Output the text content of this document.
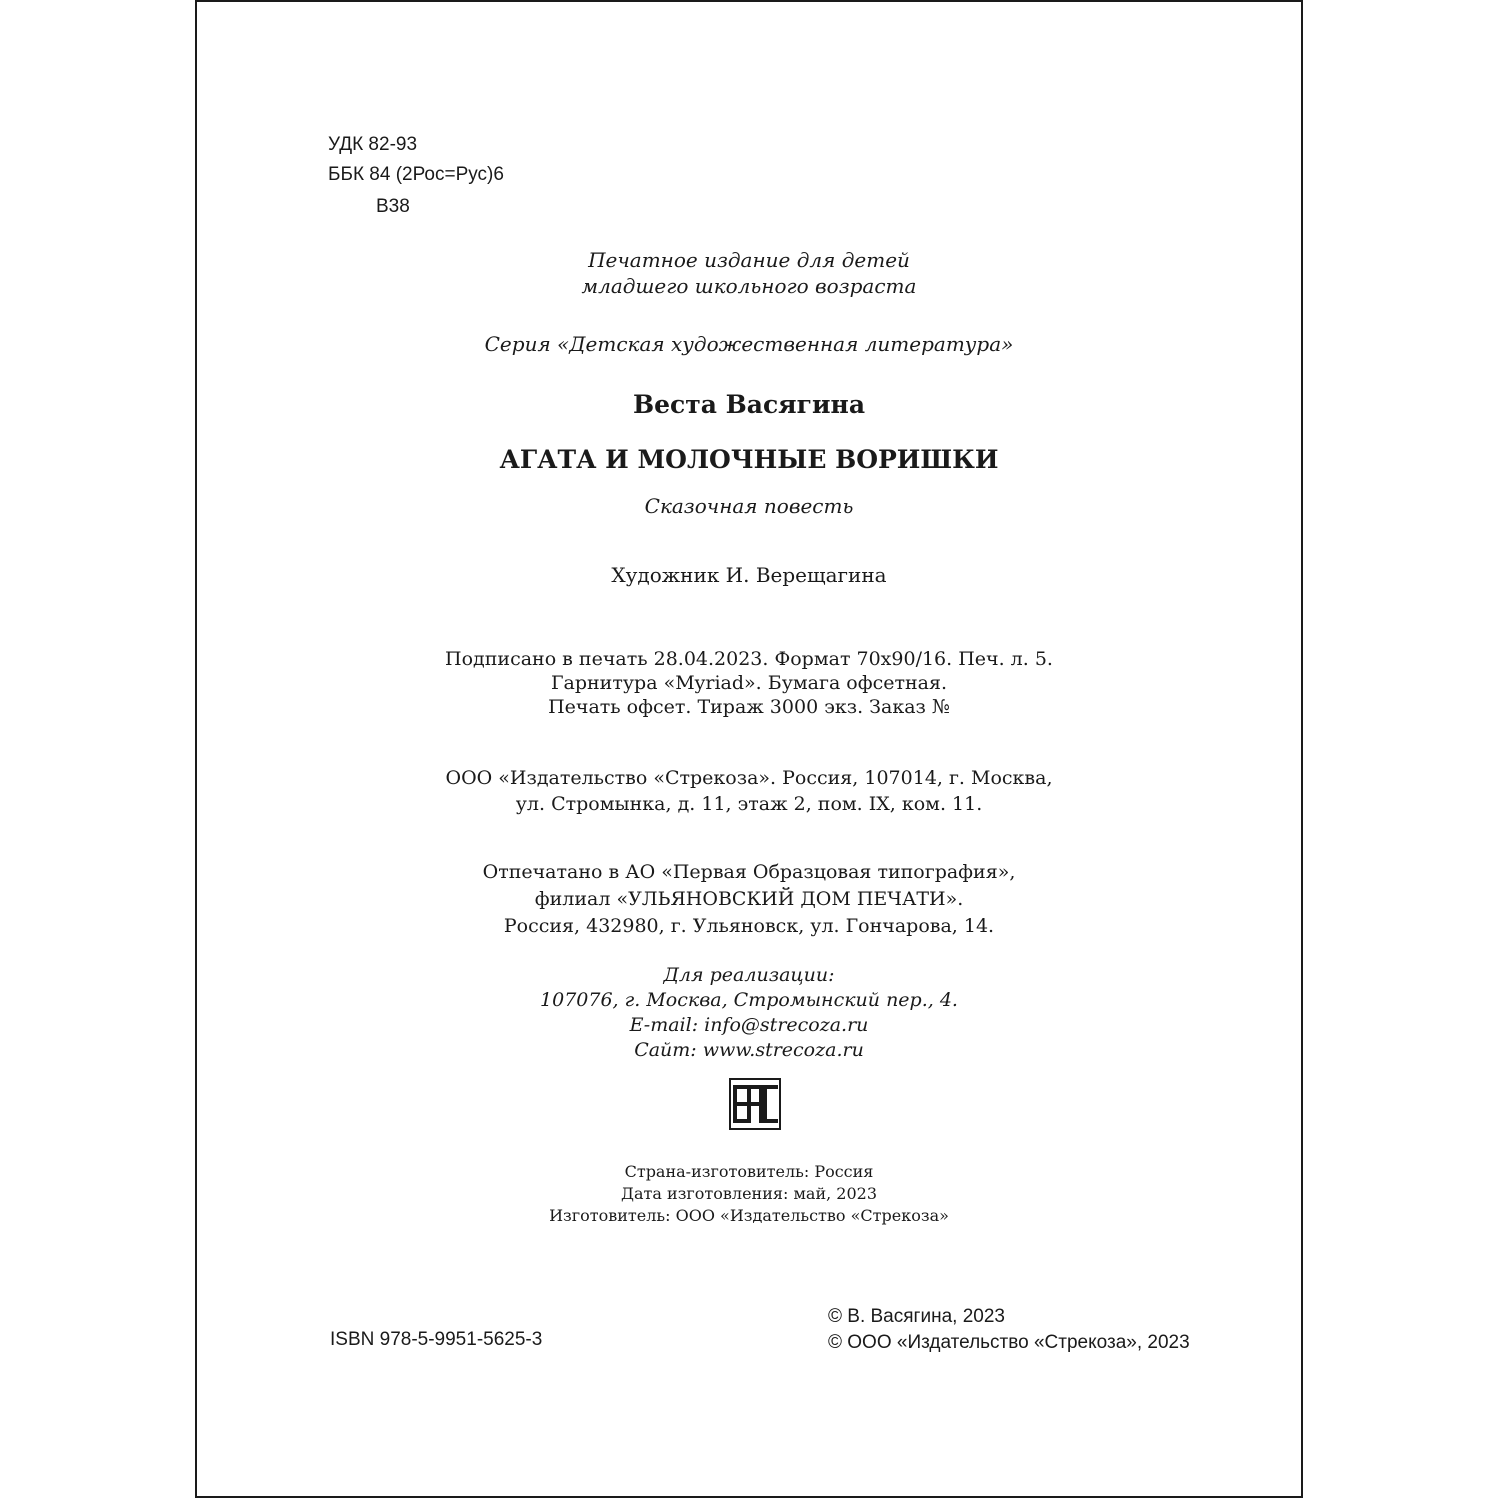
УДК 82-93
ББК 84 (2Рос=Рус)6
В38
Печатное издание для детей
младшего школьного возраста
Серия «Детская художественная литература»
Веста Васягина
АГАТА И МОЛОЧНЫЕ ВОРИШКИ
Сказочная повесть
Художник И. Верещагина
Подписано в печать 28.04.2023. Формат 70x90/16. Печ. л. 5.
Гарнитура «Myriad». Бумага офсетная.
Печать офсет. Тираж 3000 экз. Заказ №
ООО «Издательство «Стрекоза». Россия, 107014, г. Москва,
ул. Стромынка, д. 11, этаж 2, пом. IX, ком. 11.
Отпечатано в АО «Первая Образцовая типография»,
филиал «УЛЬЯНОВСКИЙ ДОМ ПЕЧАТИ».
Россия, 432980, г. Ульяновск, ул. Гончарова, 14.
Для реализации:
107076, г. Москва, Стромынский пер., 4.
E-mail: info@strecoza.ru
Сайт: www.strecoza.ru
Страна-изготовитель: Россия
Дата изготовления: май, 2023
Изготовитель: ООО «Издательство «Стрекоза»
ISBN 978-5-9951-5625-3
© В. Васягина, 2023
© ООО «Издательство «Стрекоза», 2023
